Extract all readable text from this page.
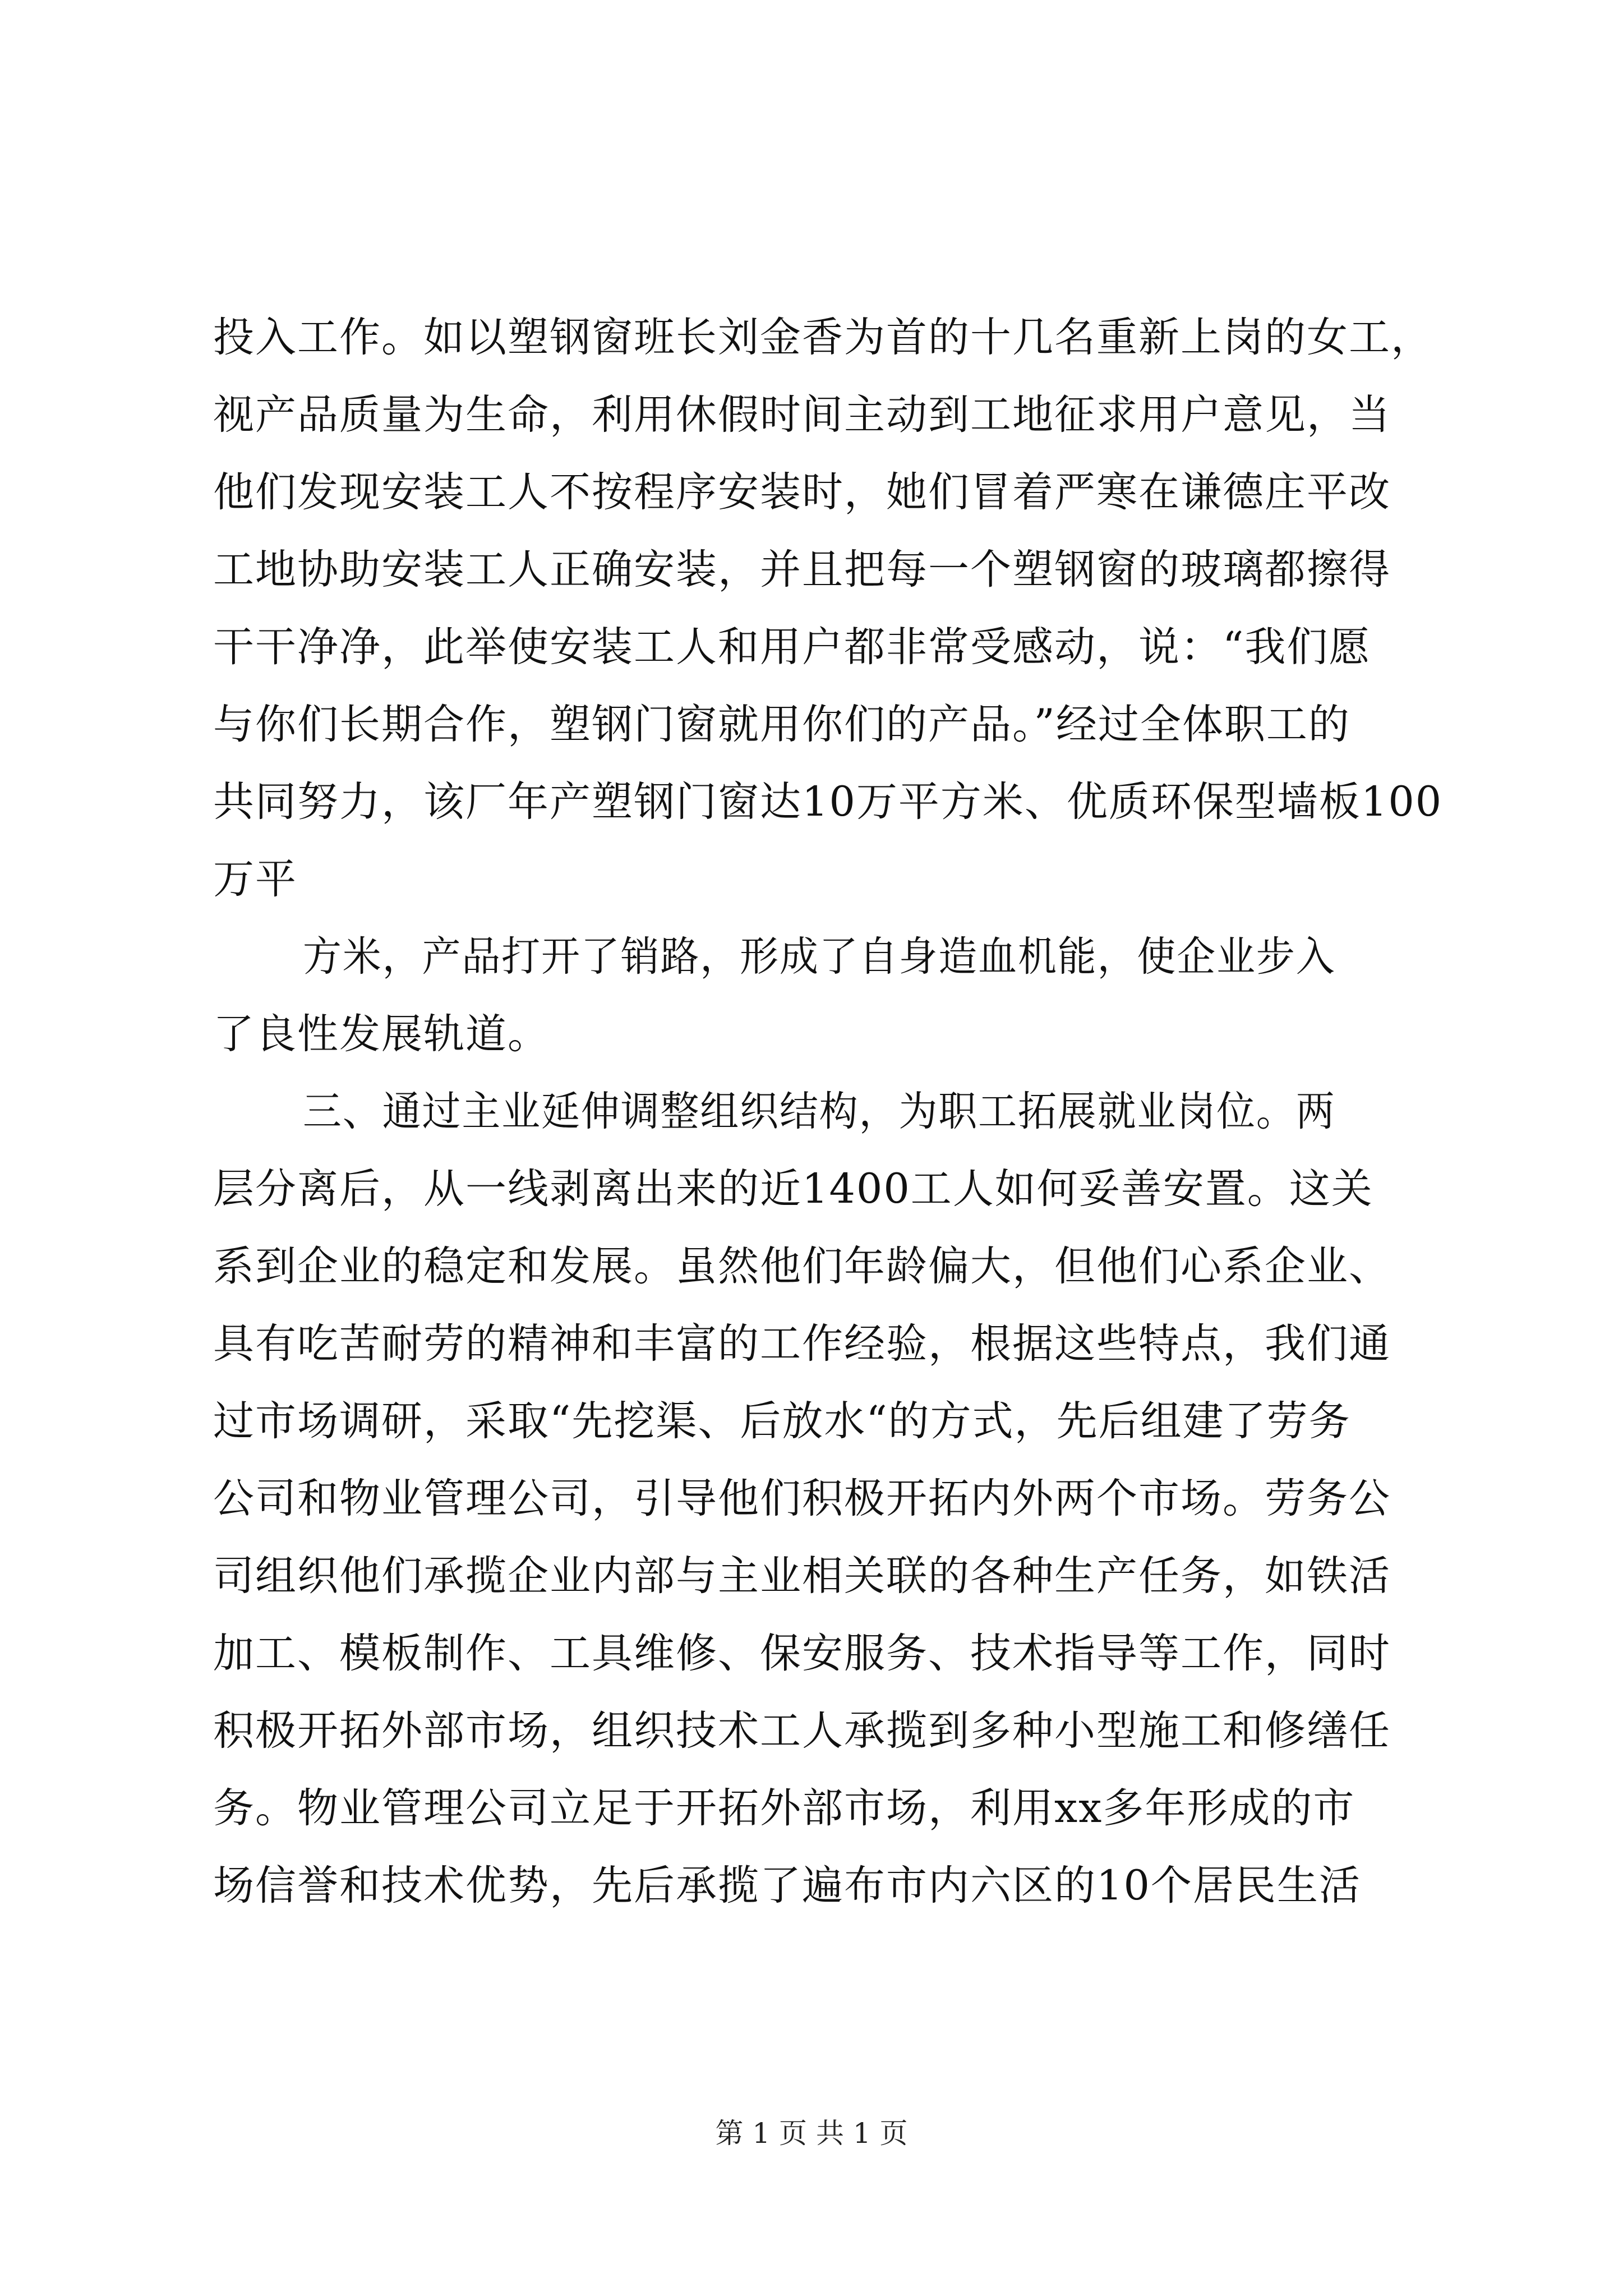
投入工作。如以塑钢窗班长刘金香为首的十几名重新上岗的女工，
视产品质量为生命，利用休假时间主动到工地征求用户意见，当
他们发现安装工人不按程序安装时，她们冒着严寒在谦德庄平改
工地协助安装工人正确安装，并且把每一个塑钢窗的玻璃都擦得
干干净净，此举使安装工人和用户都非常受感动，说：“我们愿
与你们长期合作，塑钢门窗就用你们的产品。”经过全体职工的
共同努力，该厂年产塑钢门窗达10万平方米、优质环保型墙板100
万平
方米，产品打开了销路，形成了自身造血机能，使企业步入
了良性发展轨道。
三、通过主业延伸调整组织结构，为职工拓展就业岗位。两
层分离后，从一线剥离出来的近1400工人如何妥善安置。这关
系到企业的稳定和发展。虽然他们年龄偏大，但他们心系企业、
具有吃苦耐劳的精神和丰富的工作经验，根据这些特点，我们通
过市场调研，采取“先挖渠、后放水“的方式，先后组建了劳务
公司和物业管理公司，引导他们积极开拓内外两个市场。劳务公
司组织他们承揽企业内部与主业相关联的各种生产任务，如铁活
加工、模板制作、工具维修、保安服务、技术指导等工作，同时
积极开拓外部市场，组织技术工人承揽到多种小型施工和修缮任
务。物业管理公司立足于开拓外部市场，利用xx多年形成的市
场信誉和技术优势，先后承揽了遍布市内六区的10个居民生活
第 1 页 共 1 页
